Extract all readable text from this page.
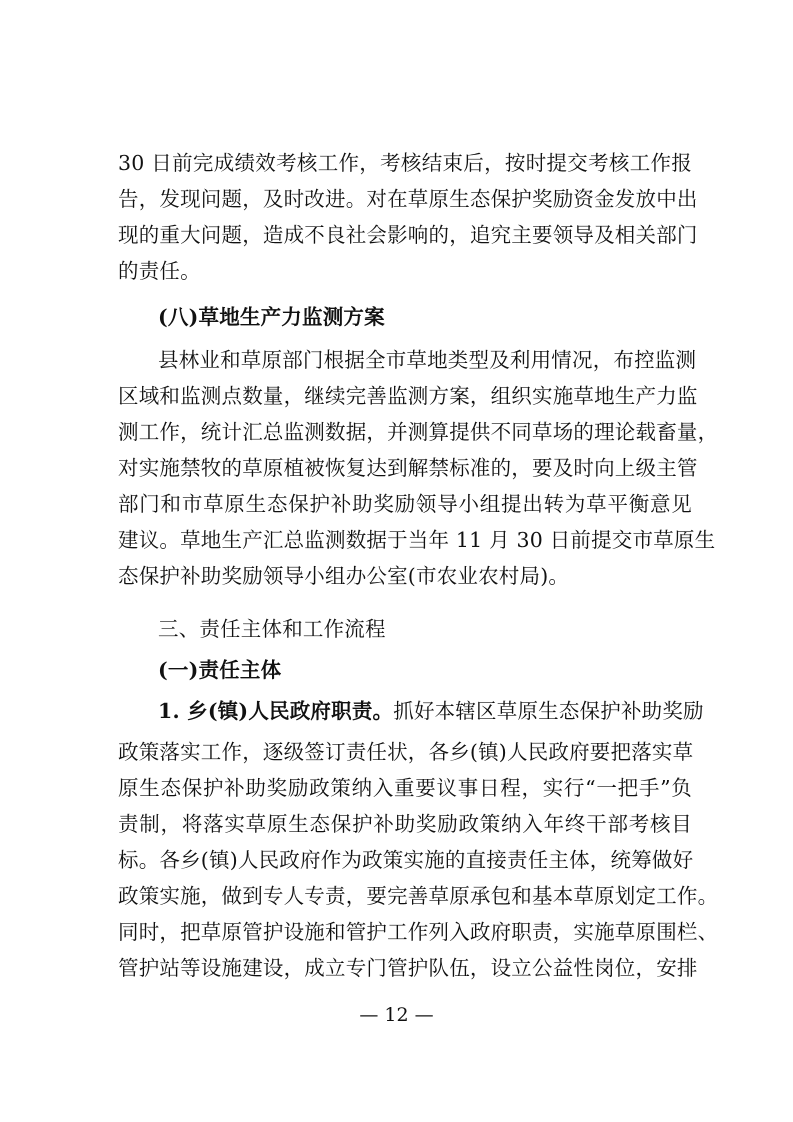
30 日前完成绩效考核工作，考核结束后，按时提交考核工作报
告，发现问题，及时改进。对在草原生态保护奖励资金发放中出
现的重大问题，造成不良社会影响的，追究主要领导及相关部门
的责任。
(八)草地生产力监测方案
县林业和草原部门根据全市草地类型及利用情况，布控监测
区域和监测点数量，继续完善监测方案，组织实施草地生产力监
测工作，统计汇总监测数据，并测算提供不同草场的理论载畜量，
对实施禁牧的草原植被恢复达到解禁标准的，要及时向上级主管
部门和市草原生态保护补助奖励领导小组提出转为草平衡意见
建议。草地生产汇总监测数据于当年 11 月 30 日前提交市草原生
态保护补助奖励领导小组办公室(市农业农村局)。
三、责任主体和工作流程
(一)责任主体
1. 乡(镇)人民政府职责。抓好本辖区草原生态保护补助奖励
政策落实工作，逐级签订责任状，各乡(镇)人民政府要把落实草
原生态保护补助奖励政策纳入重要议事日程，实行“一把手”负
责制，将落实草原生态保护补助奖励政策纳入年终干部考核目
标。各乡(镇)人民政府作为政策实施的直接责任主体，统筹做好
政策实施，做到专人专责，要完善草原承包和基本草原划定工作。
同时，把草原管护设施和管护工作列入政府职责，实施草原围栏、
管护站等设施建设，成立专门管护队伍，设立公益性岗位，安排
— 12 —
